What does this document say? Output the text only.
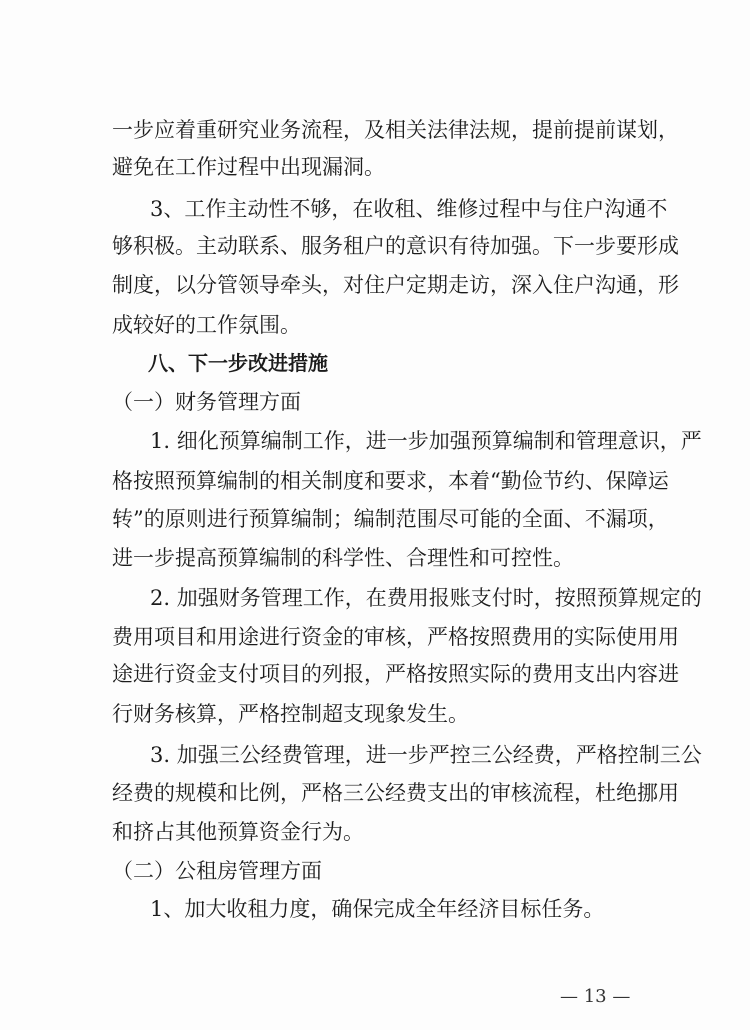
一步应着重研究业务流程，及相关法律法规，提前提前谋划，
避免在工作过程中出现漏洞。
3、工作主动性不够，在收租、维修过程中与住户沟通不
够积极。主动联系、服务租户的意识有待加强。下一步要形成
制度，以分管领导牵头，对住户定期走访，深入住户沟通，形
成较好的工作氛围。
八、下一步改进措施
（一）财务管理方面
1. 细化预算编制工作，进一步加强预算编制和管理意识，严
格按照预算编制的相关制度和要求，本着“勤俭节约、保障运
转”的原则进行预算编制；编制范围尽可能的全面、不漏项，
进一步提高预算编制的科学性、合理性和可控性。
2. 加强财务管理工作，在费用报账支付时，按照预算规定的
费用项目和用途进行资金的审核，严格按照费用的实际使用用
途进行资金支付项目的列报，严格按照实际的费用支出内容进
行财务核算，严格控制超支现象发生。
3. 加强三公经费管理，进一步严控三公经费，严格控制三公
经费的规模和比例，严格三公经费支出的审核流程，杜绝挪用
和挤占其他预算资金行为。
（二）公租房管理方面
1、加大收租力度，确保完成全年经济目标任务。
— 13 —
